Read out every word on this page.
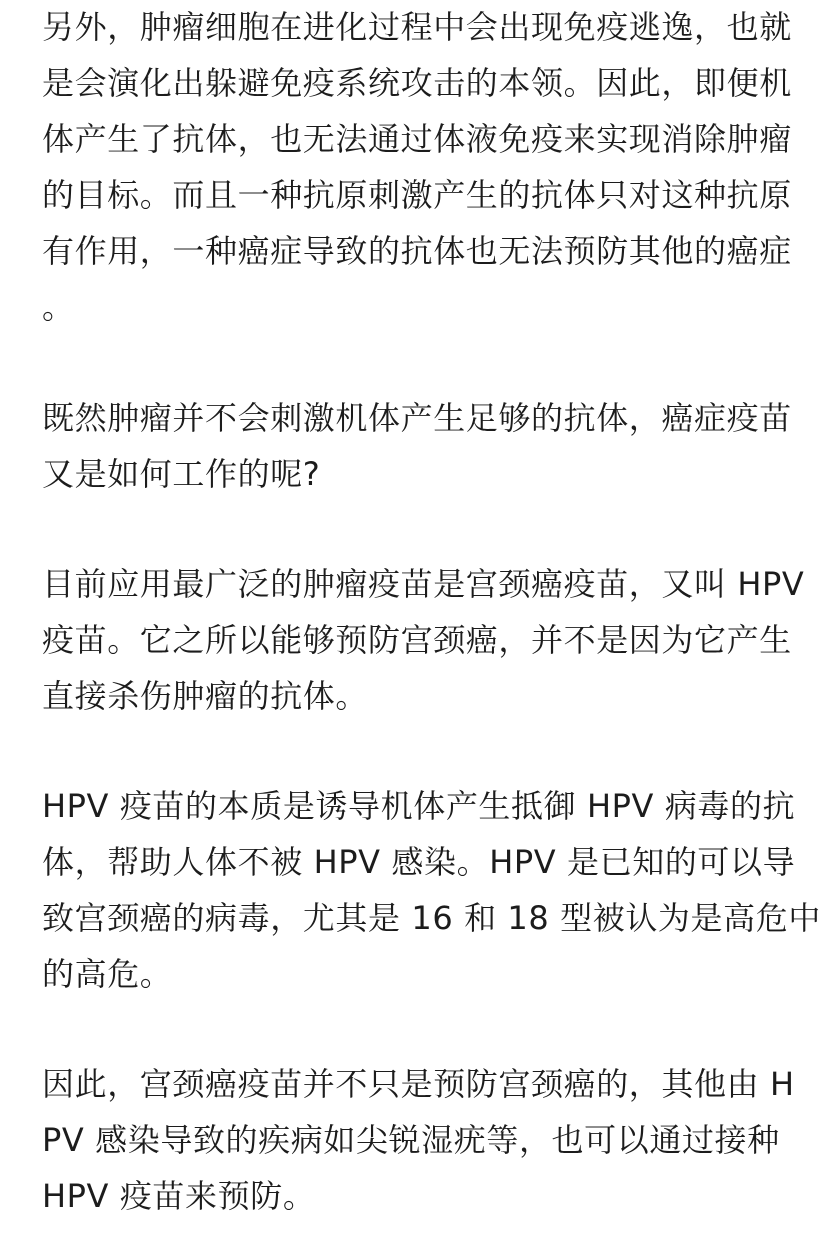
另外，肿瘤细胞在进化过程中会出现免疫逃逸，也就
是会演化出躲避免疫系统攻击的本领。因此，即便机
体产生了抗体，也无法通过体液免疫来实现消除肿瘤
的目标。而且一种抗原刺激产生的抗体只对这种抗原
有作用，一种癌症导致的抗体也无法预防其他的癌症
。
既然肿瘤并不会刺激机体产生足够的抗体，癌症疫苗
又是如何工作的呢?
目前应用最广泛的肿瘤疫苗是宫颈癌疫苗，又叫 HPV
疫苗。它之所以能够预防宫颈癌，并不是因为它产生
直接杀伤肿瘤的抗体。
HPV 疫苗的本质是诱导机体产生抵御 HPV 病毒的抗
体，帮助人体不被 HPV 感染。HPV 是已知的可以导
致宫颈癌的病毒，尤其是 16 和 18 型被认为是高危中
的高危。
因此，宫颈癌疫苗并不只是预防宫颈癌的，其他由 H
PV 感染导致的疾病如尖锐湿疣等，也可以通过接种
HPV 疫苗来预防。
